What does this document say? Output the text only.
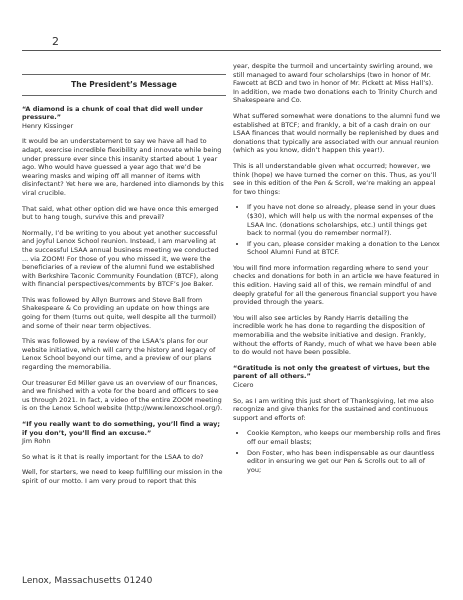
2
The President’s Message

“A diamond is a chunk of coal that did well under pressure.”

Henry Kissinger

It would be an understatement to say we have all had to adapt, exercise incredible flexibility and innovate while being under pressure ever since this insanity started about 1 year ago. Who would have guessed a year ago that we’d be wearing masks and wiping off all manner of items with disinfectant? Yet here we are, hardened into diamonds by this viral crucible.

That said, what other option did we have once this emerged but to hang tough, survive this and prevail?

Normally, I’d be writing to you about yet another successful and joyful Lenox School reunion. Instead, I am marveling at the successful LSAA annual business meeting we conducted ... via ZOOM! For those of you who missed it, we were the beneficiaries of a review of the alumni fund we established with Berkshire Taconic Community Foundation (BTCF), along with financial perspectives/comments by BTCF’s Joe Baker.

This was followed by Allyn Burrows and Steve Ball from Shakespeare & Co providing an update on how things are going for them (turns out quite, well despite all the turmoil) and some of their near term objectives.

This was followed by a review of the LSAA’s plans for our website initiative, which will carry the history and legacy of Lenox School beyond our time, and a preview of our plans regarding the memorabilia.

Our treasurer Ed Miller gave us an overview of our finances, and we finished with a vote for the board and officers to see us through 2021. In fact, a video of the entire ZOOM meeting is on the Lenox School website (http://www.lenoxschool.org/).

“If you really want to do something, you’ll find a way; if you don’t, you’ll find an excuse.”

Jim Rohn

So what is it that is really important for the LSAA to do?

Well, for starters, we need to keep fulfilling our mission in the spirit of our motto. I am very proud to report that this

year, despite the turmoil and uncertainty swirling around, we still managed to award four scholarships (two in honor of Mr. Fawcett at BCD and two in honor of Mr. Pickett at Miss Hall’s). In addition, we made two donations each to Trinity Church and Shakespeare and Co.

What suffered somewhat were donations to the alumni fund we established at BTCF; and frankly, a bit of a cash drain on our LSAA finances that would normally be replenished by dues and donations that typically are associated with our annual reunion (which as you know, didn’t happen this year!).

This is all understandable given what occurred; however, we think (hope) we have turned the corner on this. Thus, as you’ll see in this edition of the Pen & Scroll, we’re making an appeal for two things:

• If you have not done so already, please send in your dues ($30), which will help us with the normal expenses of the LSAA Inc. (donations scholarships, etc.) until things get back to normal (you do remember normal?).
• If you can, please consider making a donation to the Lenox School Alumni Fund at BTCF.

You will find more information regarding where to send your checks and donations for both in an article we have featured in this edition. Having said all of this, we remain mindful of and deeply grateful for all the generous financial support you have provided through the years.

You will also see articles by Randy Harris detailing the incredible work he has done to regarding the disposition of memorabilia and the website initiative and design. Frankly, without the efforts of Randy, much of what we have been able to do would not have been possible.

“Gratitude is not only the greatest of virtues, but the parent of all others.”

Cicero

So, as I am writing this just short of Thanksgiving, let me also recognize and give thanks for the sustained and continuous support and efforts of:

• Cookie Kempton, who keeps our membership rolls and fires off our email blasts;
• Don Foster, who has been indispensable as our dauntless editor in ensuring we get our Pen & Scrolls out to all of you;
Lenox, Massachusetts 01240
